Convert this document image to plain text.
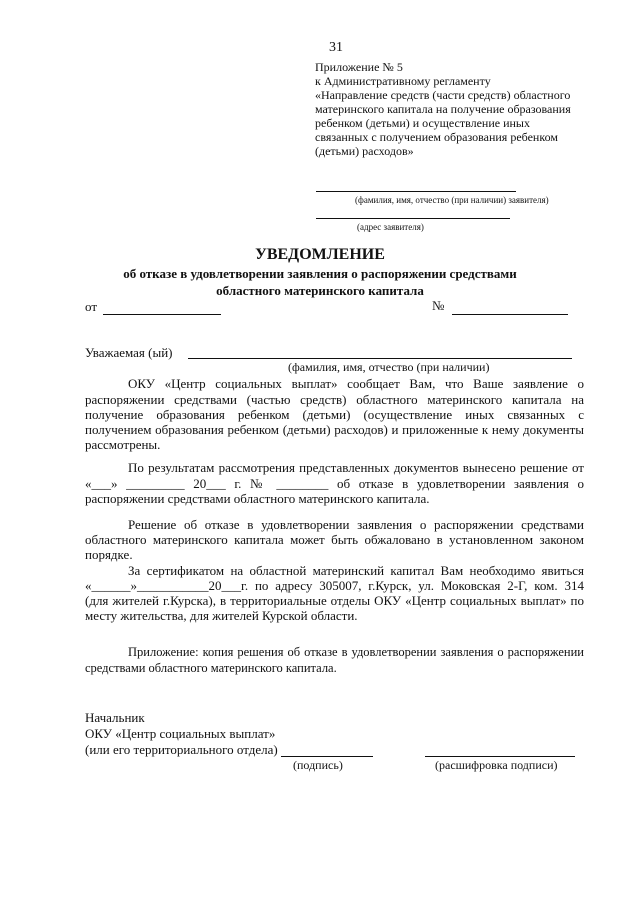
31
Приложение № 5
к Административному регламенту
«Направление средств (части средств) областного
материнского капитала на получение образования
ребенком (детьми) и осуществление иных
связанных с получением образования ребенком
(детьми) расходов»
(фамилия, имя, отчество (при наличии) заявителя)
(адрес заявителя)
УВЕДОМЛЕНИЕ
об отказе в удовлетворении заявления о распоряжении средствами
областного материнского капитала
от	№
Уважаемая (ый)
(фамилия, имя, отчество (при наличии)
ОКУ «Центр социальных выплат» сообщает Вам, что Ваше заявление о
распоряжении средствами (частью средств) областного материнского капитала на
получение образования ребенком (детьми) (осуществление иных связанных с
получением образования ребенком (детьми) расходов) и приложенные к нему документы
рассмотрены.
По результатам рассмотрения представленных документов вынесено решение от
«___» _________ 20___ г. № ________ об отказе в удовлетворении заявления о
распоряжении средствами областного материнского капитала.
Решение об отказе в удовлетворении заявления о распоряжении средствами
областного материнского капитала может быть обжаловано в установленном законом
порядке.
За сертификатом на областной материнский капитал Вам необходимо явиться
«______»___________20___г. по адресу 305007, г.Курск, ул. Моковская 2-Г, ком. 314
(для жителей г.Курска), в территориальные отделы ОКУ «Центр социальных выплат» по
месту жительства, для жителей Курской области.
Приложение: копия решения об отказе в удовлетворении заявления о распоряжении
средствами областного материнского капитала.
Начальник
ОКУ «Центр социальных выплат»
(или его территориального отдела)
(подпись)	(расшифровка подписи)
